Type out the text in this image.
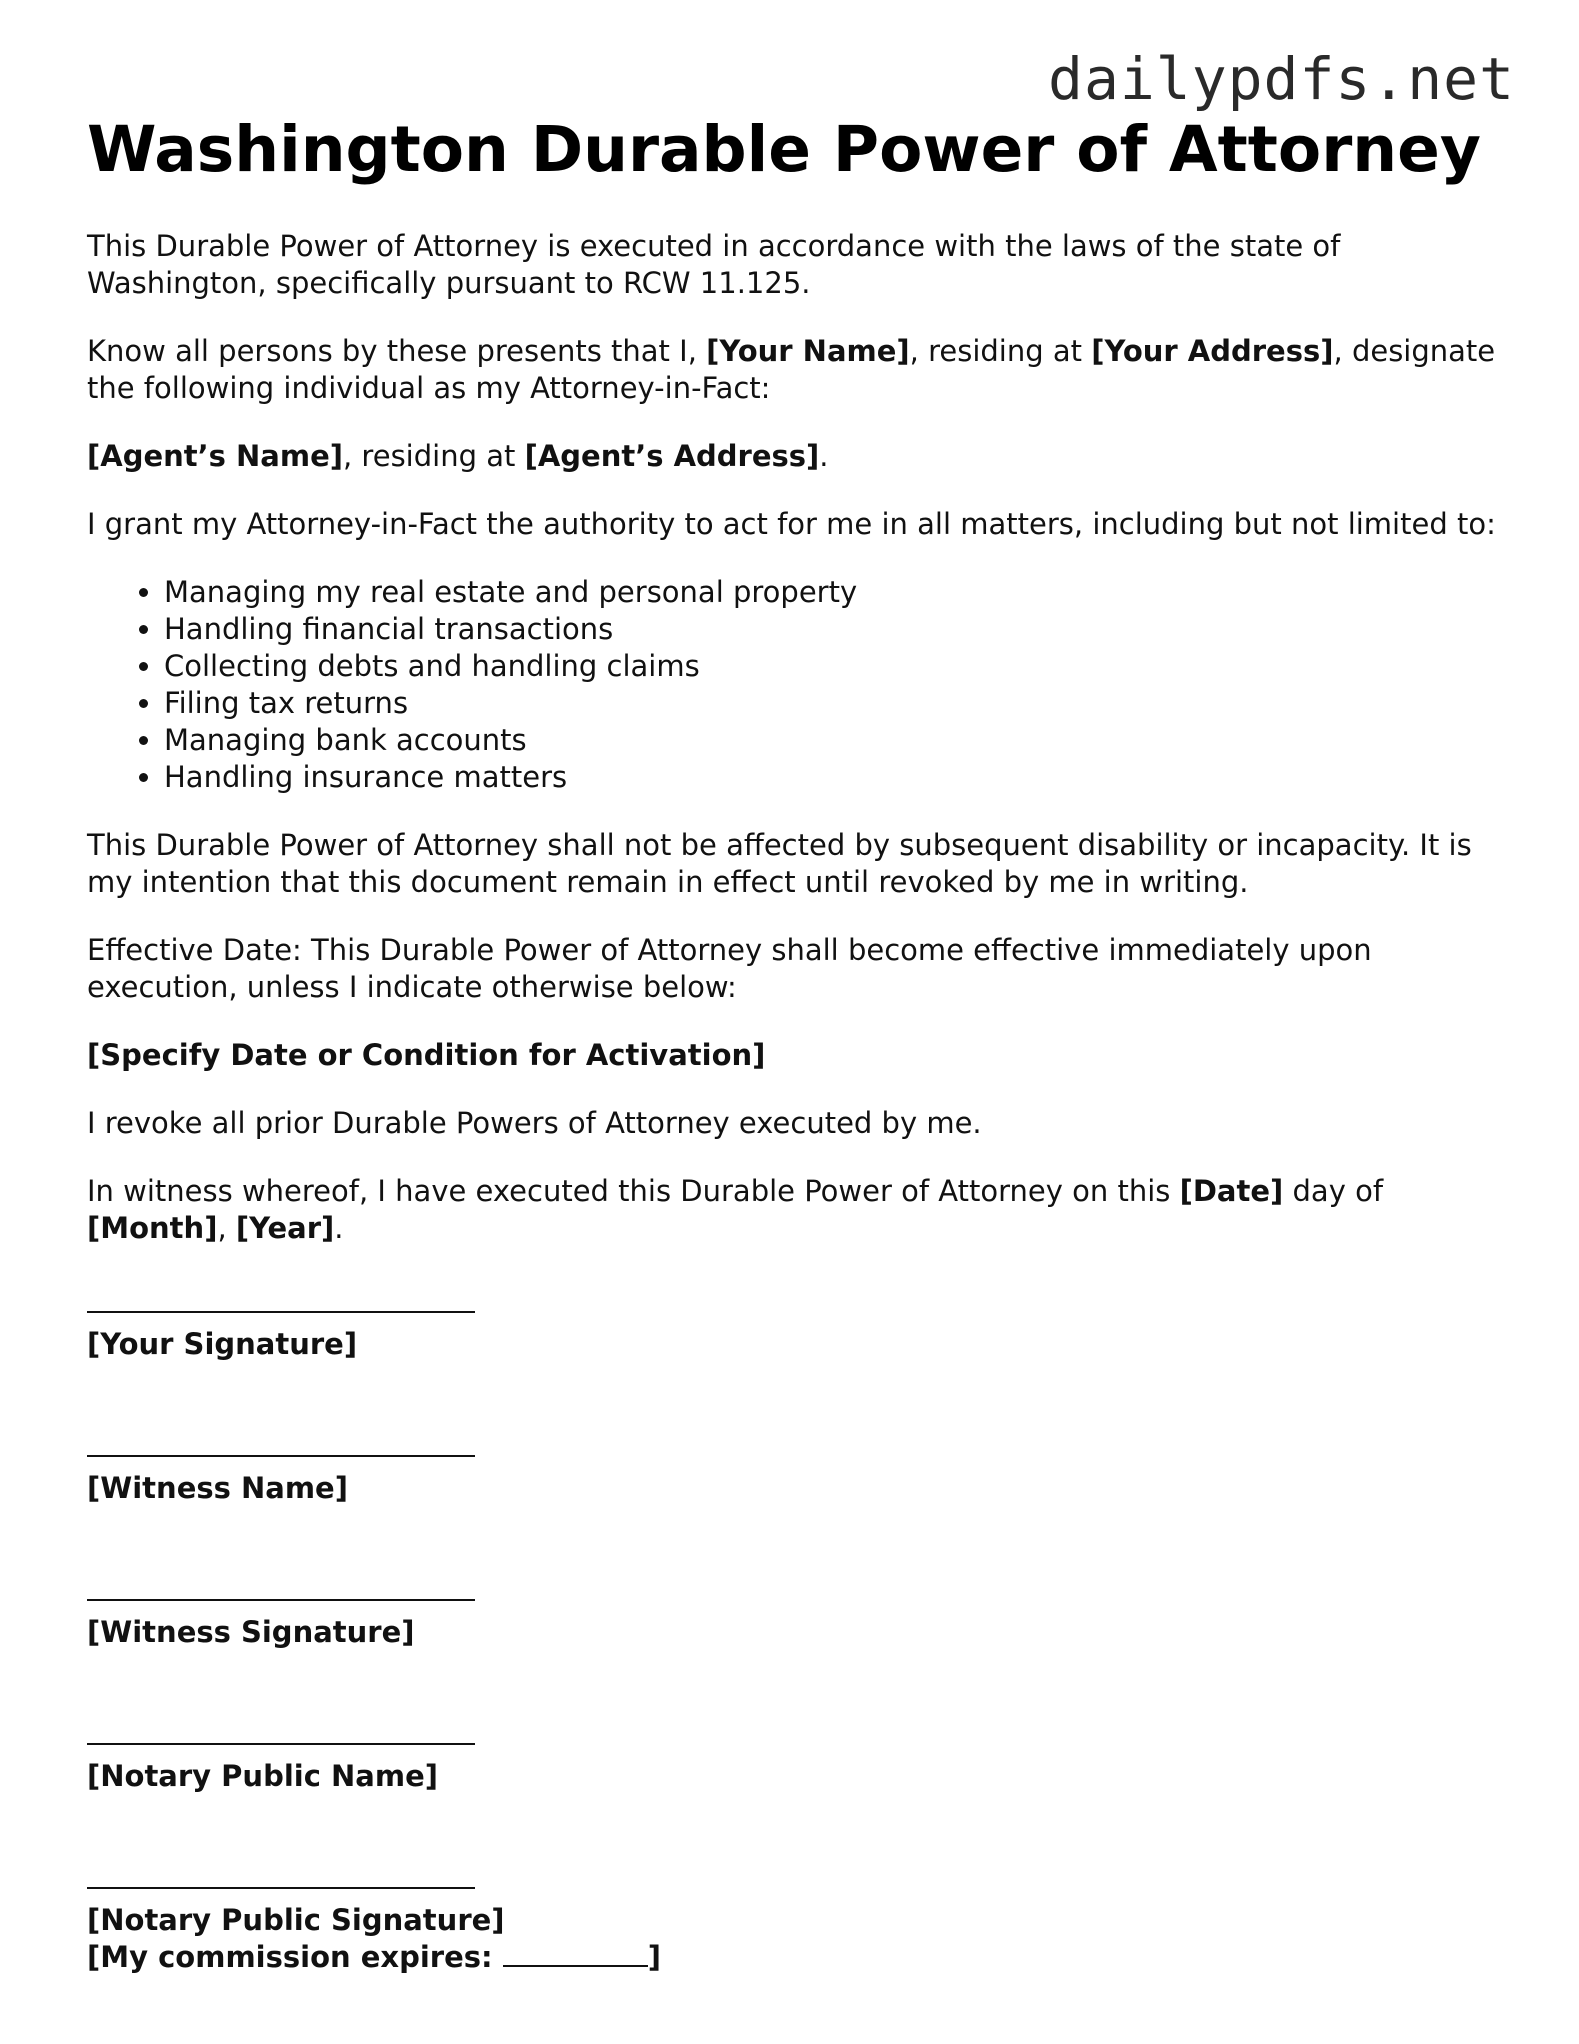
dailypdfs.net
Washington Durable Power of Attorney

This Durable Power of Attorney is executed in accordance with the laws of the state of Washington, specifically pursuant to RCW 11.125.

Know all persons by these presents that I, [Your Name], residing at [Your Address], designate the following individual as my Attorney-in-Fact:

[Agent’s Name], residing at [Agent’s Address].

I grant my Attorney-in-Fact the authority to act for me in all matters, including but not limited to:

• Managing my real estate and personal property
• Handling financial transactions
• Collecting debts and handling claims
• Filing tax returns
• Managing bank accounts
• Handling insurance matters

This Durable Power of Attorney shall not be affected by subsequent disability or incapacity. It is my intention that this document remain in effect until revoked by me in writing.

Effective Date: This Durable Power of Attorney shall become effective immediately upon execution, unless I indicate otherwise below:

[Specify Date or Condition for Activation]

I revoke all prior Durable Powers of Attorney executed by me.

In witness whereof, I have executed this Durable Power of Attorney on this [Date] day of [Month], [Year].

[Your Signature]
[Witness Name]
[Witness Signature]
[Notary Public Name]
[Notary Public Signature]
[My commission expires:	]
